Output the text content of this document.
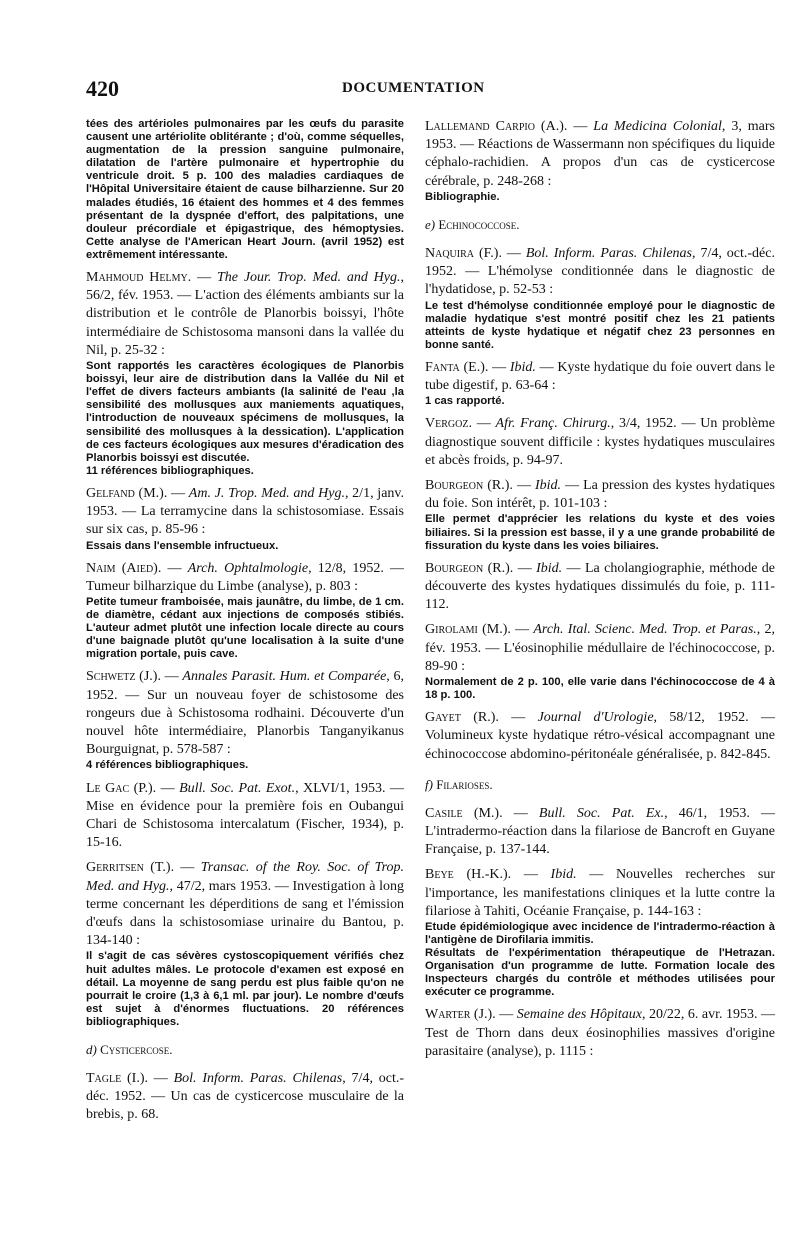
420	DOCUMENTATION

tées des artérioles pulmonaires par les œufs du parasite causent une artériolite oblitérante ; d'où, comme séquelles, augmentation de la pression sanguine pulmonaire, dilatation de l'artère pulmonaire et hypertrophie du ventricule droit. 5 p. 100 des maladies cardiaques de l'Hôpital Universitaire étaient de cause bilharzienne. Sur 20 malades étudiés, 16 étaient des hommes et 4 des femmes présentant de la dyspnée d'effort, des palpitations, une douleur précordiale et épigastrique, des hémoptysies. Cette analyse de l'American Heart Journ. (avril 1952) est extrêmement intéressante.

Mahmoud Helmy. — The Jour. Trop. Med. and Hyg., 56/2, fév. 1953. — L'action des éléments ambiants sur la distribution et le contrôle de Planorbis boissyi, l'hôte intermédiaire de Schistosoma mansoni dans la vallée du Nil, p. 25-32 :

Sont rapportés les caractères écologiques de Planorbis boissyi, leur aire de distribution dans la Vallée du Nil et l'effet de divers facteurs ambiants (la salinité de l'eau ,la sensibilité des mollusques aux maniements aquatiques, l'introduction de nouveaux spécimens de mollusques, la sensibilité des mollusques à la dessication). L'application de ces facteurs écologiques aux mesures d'éradication des Planorbis boissyi est discutée.

11 références bibliographiques.

Gelfand (M.). — Am. J. Trop. Med. and Hyg., 2/1, janv. 1953. — La terramycine dans la schistosomiase. Essais sur six cas, p. 85-96 :

Essais dans l'ensemble infructueux.

Naim (Aied). — Arch. Ophtalmologie, 12/8, 1952. — Tumeur bilharzique du Limbe (analyse), p. 803 :

Petite tumeur framboisée, mais jaunâtre, du limbe, de 1 cm. de diamètre, cédant aux injections de composés stibiés. L'auteur admet plutôt une infection locale directe au cours d'une baignade plutôt qu'une localisation à la suite d'une migration portale, puis cave.

Schwetz (J.). — Annales Parasit. Hum. et Comparée, 6, 1952. — Sur un nouveau foyer de schistosome des rongeurs due à Schistosoma rodhaini. Découverte d'un nouvel hôte intermédiaire, Planorbis Tanganyikanus Bourguignat, p. 578-587 :

4 références bibliographiques.

Le Gac (P.). — Bull. Soc. Pat. Exot., XLVI/1, 1953. — Mise en évidence pour la première fois en Oubangui Chari de Schistosoma intercalatum (Fischer, 1934), p. 15-16.

Gerritsen (T.). — Transac. of the Roy. Soc. of Trop. Med. and Hyg., 47/2, mars 1953. — Investigation à long terme concernant les déperditions de sang et l'émission d'œufs dans la schistosomiase urinaire du Bantou, p. 134-140 :

Il s'agit de cas sévères cystoscopiquement vérifiés chez huit adultes mâles. Le protocole d'examen est exposé en détail. La moyenne de sang perdu est plus faible qu'on ne pourrait le croire (1,3 à 6,1 ml. par jour). Le nombre d'œufs est sujet à d'énormes fluctuations. 20 références bibliographiques.

d) Cysticercose.

Tagle (I.). — Bol. Inform. Paras. Chilenas, 7/4, oct.-déc. 1952. — Un cas de cysticercose musculaire de la brebis, p. 68.

Lallemand Carpio (A.). — La Medicina Colonial, 3, mars 1953. — Réactions de Wassermann non spécifiques du liquide céphalo-rachidien. A propos d'un cas de cysticercose cérébrale, p. 248-268 :

Bibliographie.

e) Echinococcose.

Naquira (F.). — Bol. Inform. Paras. Chilenas, 7/4, oct.-déc. 1952. — L'hémolyse conditionnée dans le diagnostic de l'hydatidose, p. 52-53 :

Le test d'hémolyse conditionnée employé pour le diagnostic de maladie hydatique s'est montré positif chez les 21 patients atteints de kyste hydatique et négatif chez 23 personnes en bonne santé.

Fanta (E.). — Ibid. — Kyste hydatique du foie ouvert dans le tube digestif, p. 63-64 :

1 cas rapporté.

Vergoz. — Afr. Franç. Chirurg., 3/4, 1952. — Un problème diagnostique souvent difficile : kystes hydatiques musculaires et abcès froids, p. 94-97.

Bourgeon (R.). — Ibid. — La pression des kystes hydatiques du foie. Son intérêt, p. 101-103 :

Elle permet d'apprécier les relations du kyste et des voies biliaires. Si la pression est basse, il y a une grande probabilité de fissuration du kyste dans les voies biliaires.

Bourgeon (R.). — Ibid. — La cholangiographie, méthode de découverte des kystes hydatiques dissimulés du foie, p. 111-112.

Girolami (M.). — Arch. Ital. Scienc. Med. Trop. et Paras., 2, fév. 1953. — L'éosinophilie médullaire de l'échinococcose, p. 89-90 :

Normalement de 2 p. 100, elle varie dans l'échinococcose de 4 à 18 p. 100.

Gayet (R.). — Journal d'Urologie, 58/12, 1952. — Volumineux kyste hydatique rétro-vésical accompagnant une échinococcose abdomino-péritonéale généralisée, p. 842-845.

f) Filarioses.

Casile (M.). — Bull. Soc. Pat. Ex., 46/1, 1953. — L'intradermo-réaction dans la filariose de Bancroft en Guyane Française, p. 137-144.

Beye (H.-K.). — Ibid. — Nouvelles recherches sur l'importance, les manifestations cliniques et la lutte contre la filariose à Tahiti, Océanie Française, p. 144-163 :

Etude épidémiologique avec incidence de l'intradermo-réaction à l'antigène de Dirofilaria immitis.

Résultats de l'expérimentation thérapeutique de l'Hetrazan. Organisation d'un programme de lutte. Formation locale des Inspecteurs chargés du contrôle et méthodes utilisées pour exécuter ce programme.

Warter (J.). — Semaine des Hôpitaux, 20/22, 6. avr. 1953. — Test de Thorn dans deux éosinophilies massives d'origine parasitaire (analyse), p. 1115 :
